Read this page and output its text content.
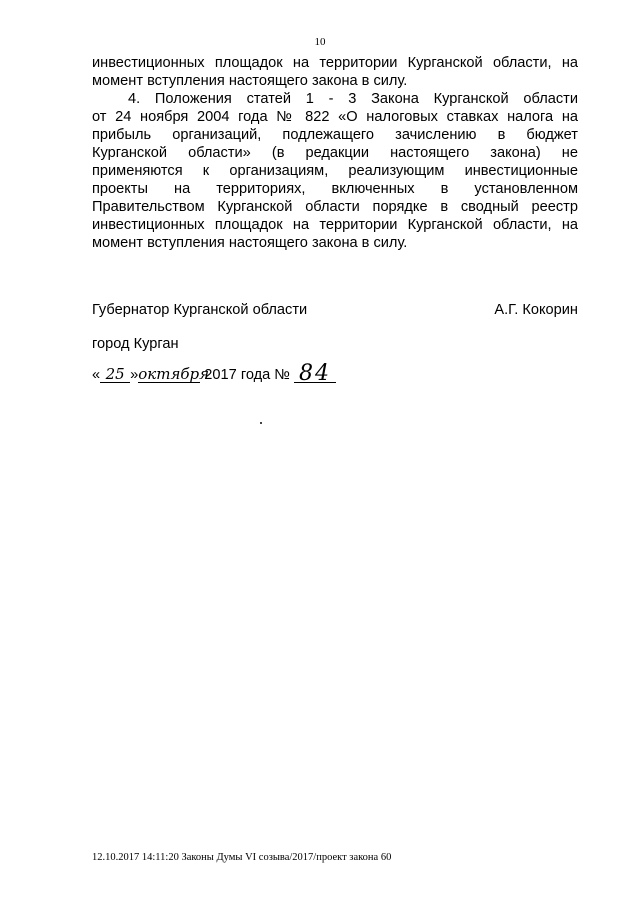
10

инвестиционных площадок на территории Курганской области, на

момент вступления настоящего закона в силу.

4. Положения статей 1 - 3 Закона Курганской области

от 24 ноября 2004 года № 822 «О налоговых ставках налога на

прибыль организаций, подлежащего зачислению в бюджет

Курганской области» (в редакции настоящего закона) не

применяются к организациям, реализующим инвестиционные

проекты на территориях, включенных в установленном

Правительством Курганской области порядке в сводный реестр

инвестиционных площадок на территории Курганской области, на

момент вступления настоящего закона в силу.

Губернатор Курганской области	А.Г. Кокорин
город Курган
« 25 » октября
2017 года № 84
12.10.2017 14:11:20 Законы Думы VI созыва/2017/проект закона 60
